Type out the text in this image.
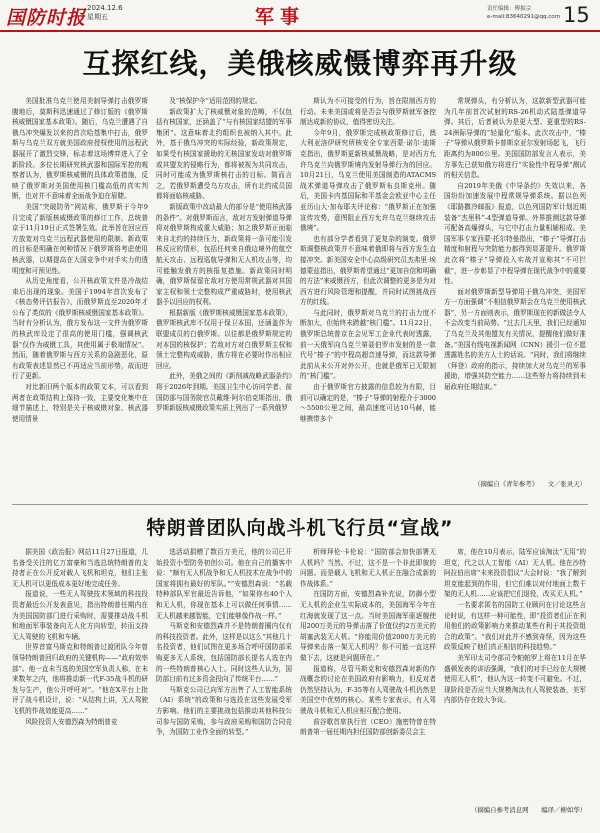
国防时报 2024.12.6
星期五	军事	责任编辑：傅振宗
e-mail:83640291@qq.com 15
互探红线，美俄核威慑博弈再升级

美国批准乌克兰使用美制导弹打击俄罗斯腹地后，莫斯科迅速通过了修订版的《俄罗斯核威慑国家基本政策》。随后，乌克兰遭遇了自俄乌冲突爆发以来的首次哈基集中打击，俄罗斯与乌克兰双方就美国政府授权使用的远程武器展开了激烈交锋，标志着这场博弈进入了全新阶段。多位长期研究核武器和国际军控的观察者认为，俄罗斯核威慑的具体政策措施，反映了俄罗斯对美国使用核门槛高低的真实判断，也对并不意味着全面战争迫在眉睫。

美国“突破防务”网站称，俄罗斯于今年9月完成了新版核威慑政策的修订工作，总统普京于11月19日正式签署生效。此举旨在回应西方放宽对乌克兰远程武器使用的限制。新政策的目标是明确在何种情况下俄罗斯将考虑使用核武器，以期提高在大国竞争中对手实力的透明度和可预见性。

从历史角度看，公开核政策文件是冷战结束后出现的现象。美国于1994年首次发布了《核态势评估报告》，而俄罗斯直至2020年才公布了类似的《俄罗斯核威慑国家基本政策》。当时有分析认为，俄方发布这一文件为俄罗斯的核武库设定了很高的使用门槛，强调核武器“仅作为威慑工具，其使用属于极端情况”。然而，随着俄罗斯与西方关系的急剧恶化，原有政策表述显然已不再适应当前形势，故而进行了更新。

对比新旧两个版本的政策文本，可以看到两者在政策结构上保持一致，主要变化集中在细节描述上，特别是关于核威慑对象、核武器使用情景

及“核保护伞”适用范围的规定。

新政策扩大了核威慑对象的范畴，不仅包括有核国家，还涵盖了“与有核国家结盟的军事集团”。这意味着北约组织也被纳入其中。此外，基于俄乌冲突的实际经验，新政策规定，如果受有核国家援助的无核国家发动对俄罗斯或其盟友的侵略行为，都将被视为共同攻击，同时可能成为俄罗斯核打击的目标。简而言之，若俄罗斯遭受乌方攻击，所有北约成员国都将面临核威胁。

新版政策中改动最大的部分是“使用核武器的条件”。对俄罗斯而言，敌对方发射弹道导弹将对俄罗斯构成重大威胁；加之俄罗斯正面临来自北约的持续压力，新政策将一条可能引发核反应的情形，包括任何来自俄边境外的航空航天攻击、远程巡航导弹和无人机攻击等，均可能触发俄方的核报复措施。新政策同时明确，俄罗斯保留在敌对方使用常规武器对其国家主权和领土完整构成严重威胁时，使用核武器予以回应的权利。

根据新版《俄罗斯核威慑国家基本政策》，俄罗斯核武库不仅用于保卫本国，还涵盖作为联盟成员的白俄罗斯。以往都是俄罗斯规定的对本国的核保护；若敌对方对白俄罗斯主权和领土完整构成威胁，俄方将在必要时作出相应回应。

此外，美俄之间的《新削减战略武器条约》将于2026年到期。美国卫生中心访问学者、前国防部与国务院官员戴维·阿尔伯克斯指出，俄罗斯新版核威慑政策实质上列出了一系列俄罗

斯认为不可接受的行为，旨在限制西方的行动。未来美国或将是否会与俄罗斯就军备控制达成新的协议，值得密切关注。

今年9月，俄罗斯完成核政策修订后，澳大利亚洛伊研究所核安全专家西蒙·诺尔·迪斯克指出，俄罗斯更新核威慑战略，是对西方允许乌克兰向俄罗斯境内发射导弹行为的回应。10月21日，乌克兰使用美国制造的ATACMS战术弹道导弹攻击了俄罗斯布良斯克州。随后，美国卡内基国际和平基金会欧亚中心主任亚历山大·加布耶夫评论称：“俄罗斯正在加强宣传攻势，意图阻止西方允许乌克兰继续攻击俄境”。

也有部分学者看到了更复杂的演变。俄罗斯调整核政策并不意味着俄即将与西方发生直接冲突。新美国安全中心高级研究员杰弗里·埃德蒙兹指出，俄罗斯希望通过“更加自信和明确的方法”来威慑西方，但此次调整的更多是为对西方进行风险管理和提醒，并同时试图挑战西方的红线。

与此同时，俄罗斯对乌克兰的打击力度不断加大，但始终未跨越“核门槛”。11月22日，俄罗斯总统普京在会见军工企业代表时透露，前一天俄军向乌克兰第聂伯罗市发射的是一款代号“榛子”的中程高超音速导弹，而这款导弹此前从未公开对外公开，也就是俄军已无限制的“核门槛”。

由于俄罗斯官方披露的信息较为有限，目前可以确定的是，“榛子”导弹的射程介于3000～5500公里之间，最高速度可达10马赫，能够携带多个

常规弹头，有分析认为，这款新型武器可能为几年前首次试射的RS-26机动式陆基弹道导弹。其后，后者被认为是更大型、更重型的RS-24洲际导弹的“轻量化”版本。此次攻击中，“榛子”导弹从俄罗斯卡普斯京亚尔发射场起飞，飞行距离约为800公里。美国国防部发言人表示，美方事先已获知俄方将进行“实验性中程导弹”测试的相关信息。

自2019年美俄《中导条约》失效以来，各国纷纷加速发展中程常规导弹系统。据以色列《耶路撒冷邮报》报道，以色列国防军计划近期装备“杰里科”-4型弹道导弹。外界推测这款导弹可配备高爆弹头，与它中打击力量相辅相成。美国军事专家西蒙·托尔特曼指出，“榛子”导弹打击精度和射程与突防能力都得到显著提升。俄罗斯此次将“榛子”导弹投入实战并宣称其“不可拦截”，进一步彰显了中程导弹在现代战争中的重要性。

面对俄罗斯新型导弹用于俄乌冲突，美国军方一方面强调“不相信俄罗斯会在乌克兰使用核武器”，另一方面则表示，俄罗斯现在的新做法令人不会改变当前局势。“过去几天里，我们已经通知了乌克兰及其他盟友有关情况，提醒他们做好准备。”美国有线电视新闻网（CNN）援引一位不愿透露姓名的美方人士的话说。“同时，我们将继续（拜登）政府的指示，持续加大对乌克兰的军事援助，增强其防空能力……这些努力将持续到未届政府任期结束。”

（摘编自《青年参考》　　文／张灵天）
特朗普团队向战斗机飞行员“宣战”

据美国《政治报》网站11月27日报道，几名备受关注的亿万富豪和当选总统特朗普的支持者正在公开反对载人飞机和坦克，他们主张无人机可以更低成本更好地完成任务。

报道说，一些无人驾驶技术领域的科技投资者最近公开发表意见，指出特朗普任期内在为美国国防部门进行采购时，需要推动战斗机和地面军事装备向无人化方向转型，转而支持无人驾驶的飞机和车辆。

世界首富马斯克和特朗普过渡团队今年曾领导特朗普回归政府的关键机构——“政府效率部”。他一直未当选的美国空军负责人称，在未来数年之内，他将推动新一代F-35战斗机的研发与生产，他公开呼吁对”。“他在X平台上批评了战斗机设计，说：“从结构上讲，无人驾驶飞机的作战效能更高……”

风险投资人安德烈森为特朗普竞

选活动捐赠了数百万美元，他的公司已开始投资小型防务初创公司。他在自己的播客中说：“颇有无人机战争和无人机技术在战争中的国家将拥有最好的军队。”“安德烈森说：“名载特种部队军官最近告诉他，“如果你有40个人和无人机，你现在基本上可以做任何事情……无人机越来越智能，它们能够像作战一样。”

马斯克和安德烈森并不是特朗普圈内仅有的科技投资者。此外，这样是以这么”其他几十名投资者，他们试图在更多场合呼吁国防部采购更多无人系统，包括国防部长提名人选在内的一些特朗普核心人士。同时这些人认为，国防部目前有过多资金投向了传统平台……”

马斯克公司已向军方出售了人工智能系统（AI）系统”的政策和与选投在这些发展受军方影响。他们的主要挑战包括推动其他科技公司参与国防采购，参与政府采购和国防合同竞争，为国防工业作全面的转型。”

析师拜伦·卡伦说：“国防部会加快部署无人机吗？当然。不过，这不是一个非此即彼的问题。而是载人飞机和无人机正在融合成新的作战体系。”

在国防方面，安德烈森补充说，防御小型无人机的企业生实际成本的，美国海军今年在红海就发现了这一点。当时美国海军驱逐舰使用200万美元的导弹击落了价值仅约2万美元的胡塞武装无人机。“你能用价值2000万美元的导弹来击落一架无人机吗？你不可能一直这样做下去，这就是问题所在。”

报道称，尽管马斯克和安德烈森对新的作战概念的讨论在美国政府有影响力，但反对者仍然坚持认为，F-35等有人驾驶战斗机仍然是美国空中优势的核心。某些专家表示，有人驾驶战斗机和无人机应相互配合使用。

前谷歌首席执行官（CEO）施密特曾在特朗普第一届任期内担任国防部创新委员会主

席，他在10月表示，陆军应该淘汰“无用”的坦克，代之以人工智能（AI）无人机。他在沙特阿拉伯出席“未来投资倡议”大会时说：“我了解到坦克能起到的作用，但它们难以对付地面上数千架的无人机……应该把它们退役，改买无人机。”

一名要求匿名的国防工业顾问在讨论这些言论时说，有这样一种可能性，即“投资者们正在利用他们的政策影响力来推动某些有利于其投资组合的政策”。“我们对此并不感到奇怪，因为这些政策反映了他们真正相信的科技趋势。”

美军印太司令部司令帕帕罗上将在11月在华盛顿发表的讲话强调，“我们的对手已经在大规模使用无人机”，他认为这一转变不可避免。不过，现阶段是否应当大规模淘汰有人驾驶装备，美军内部仍存在较大争议。

（摘编自参考消息网　　编译／柳如华）
